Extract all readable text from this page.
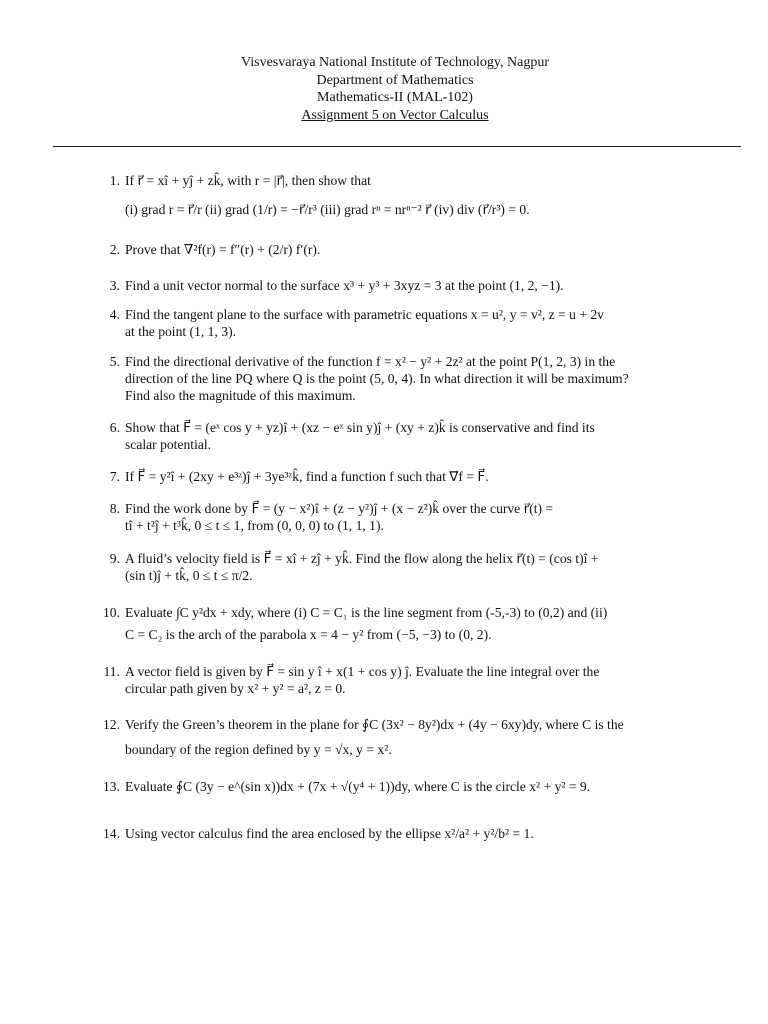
Visvesvaraya National Institute of Technology, Nagpur
Department of Mathematics
Mathematics-II (MAL-102)
Assignment 5 on Vector Calculus
1. If r⃗ = xî + yĵ + zk̂, with r = |r⃗|, then show that
(i) grad r = r⃗/r (ii) grad (1/r) = −r⃗/r³ (iii) grad rⁿ = nrⁿ⁻² r⃗ (iv) div (r⃗/r³) = 0.
2. Prove that ∇²f(r) = f″(r) + (2/r) f′(r).
3. Find a unit vector normal to the surface x³ + y³ + 3xyz = 3 at the point (1, 2, −1).
4. Find the tangent plane to the surface with parametric equations x = u², y = v², z = u + 2v
at the point (1, 1, 3).
5. Find the directional derivative of the function f = x² − y² + 2z² at the point P(1, 2, 3) in the
direction of the line PQ where Q is the point (5, 0, 4). In what direction it will be maximum?
Find also the magnitude of this maximum.
6. Show that F⃗ = (eˣ cos y + yz)î + (xz − eˣ sin y)ĵ + (xy + z)k̂ is conservative and find its
scalar potential.
7. If F⃗ = y²î + (2xy + e³ᶻ)ĵ + 3ye³ᶻk̂, find a function f such that ∇⃗f = F⃗.
8. Find the work done by F⃗ = (y − x²)î + (z − y²)ĵ + (x − z²)k̂ over the curve r⃗(t) =
tî + t²ĵ + t³k̂, 0 ≤ t ≤ 1, from (0, 0, 0) to (1, 1, 1).
9. A fluid’s velocity field is F⃗ = xî + zĵ + yk̂. Find the flow along the helix r⃗(t) = (cos t)î +
(sin t)ĵ + tk̂, 0 ≤ t ≤ π/2.
10. Evaluate ∫C y²dx + xdy, where (i) C = C₁ is the line segment from (-5,-3) to (0,2) and (ii)
C = C₂ is the arch of the parabola x = 4 − y² from (−5, −3) to (0, 2).
11. A vector field is given by F⃗ = sin y î + x(1 + cos y) ĵ. Evaluate the line integral over the
circular path given by x² + y² = a², z = 0.
12. Verify the Green’s theorem in the plane for ∮C (3x² − 8y²)dx + (4y − 6xy)dy, where C is the
boundary of the region defined by y = √x, y = x².
13. Evaluate ∮C (3y − e^(sin x))dx + (7x + √(y⁴ + 1))dy, where C is the circle x² + y² = 9.
14. Using vector calculus find the area enclosed by the ellipse x²/a² + y²/b² = 1.
